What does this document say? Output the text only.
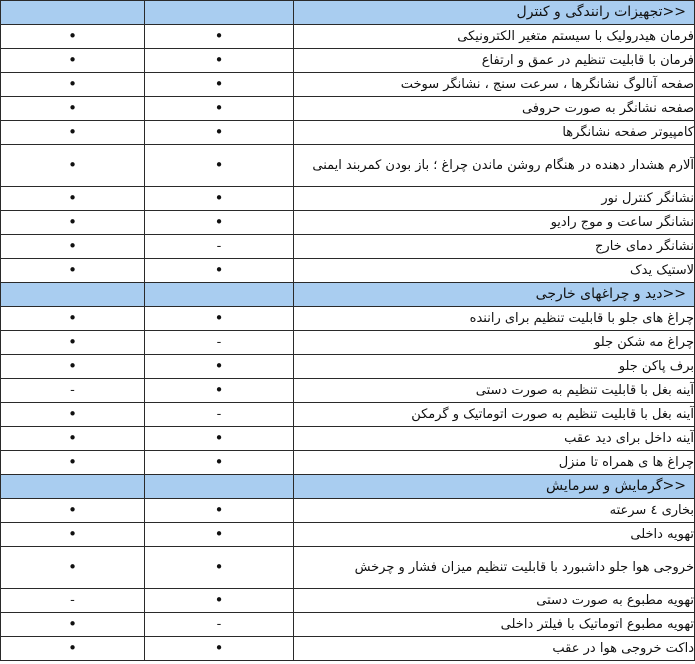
		<<تجهیزات رانندگی و کنترل
•	•	فرمان هیدرولیک با سیستم متغیر الکترونیکی
•	•	فرمان با قابلیت تنظیم در عمق و ارتفاع
•	•	صفحه آنالوگ نشانگرها ، سرعت سنج ، نشانگر سوخت
•	•	صفحه نشانگر به صورت حروفی
•	•	کامپیوتر صفحه نشانگرها
•	•	آلارم هشدار دهنده در هنگام روشن ماندن چراغ ؛ باز بودن کمربند ایمنی
•	•	نشانگر کنترل نور
•	•	نشانگر ساعت و موج رادیو
•	-	نشانگر دمای خارج
•	•	لاستیک یدک
		<<دید و چراغهای خارجی
•	•	چراغ های جلو با قابلیت تنظیم برای راننده
•	-	چراغ مه شکن جلو
•	•	برف پاکن جلو
-	•	آینه بغل با قابلیت تنظیم به صورت دستی
•	-	آینه بغل با قابلیت تنظیم به صورت اتوماتیک و گرمکن
•	•	آینه داخل برای دید عقب
•	•	چراغ ها ی همراه تا منزل
		<<گرمایش و سرمایش
•	•	بخاری ٤ سرعته
•	•	تهویه داخلی
•	•	خروجی هوا جلو داشبورد با قابلیت تنظیم میزان فشار و چرخش
-	•	تهویه مطبوع به صورت دستی
•	-	تهویه مطبوع اتوماتیک با فیلتر داخلی
•	•	داکت خروجی هوا در عقب
